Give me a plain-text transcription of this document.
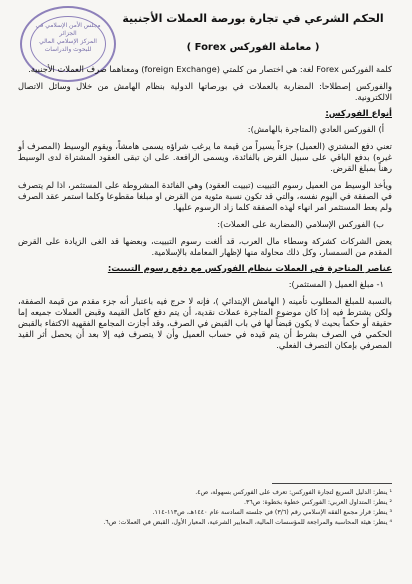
مجلس الأمن الإسلامي في الجزائر
المركز الإسلامي المالي
للبحوث والدراسات
الحكم الشرعي في تجارة بورصة العملات الأجنبية
( معاملة الفوركس Forex )

كلمة الفوركس Forex لغة: هي اختصار من كلمتي (foreign Exchange) ومعناهما صرف العملات الأجنبية.

والفوركس إصطلاحا: المضاربة بالعملات في بورصاتها الدولية بنظام الهامش من خلال وسائل الاتصال الالكترونية.

أنواع الفوركس:
أ) الفوركس العادي (المتاجرة بالهامش):

تعني دفع المشتري (العميل) جزءاً يسيراً من قيمة ما يرغب شراؤه يسمى هامشاً، ويقوم الوسيط (المصرف أو غيره) بدفع الباقي على سبيل القرض بالفائدة، ويسمى الرافعة. على ان تبقى العقود المشتراة لدى الوسيط رهناً بمبلغ القرض.

ويأخذ الوسيط من العميل رسوم التبييت (تبييت العقود) وهي الفائدة المشروطة على المستثمر، اذا لم يتصرف في الصفقة في اليوم نفسه، والتي قد تكون نسبة مئوية من القرض او مبلغا مقطوعا وكلما استمر عقد الصرف ولم يعط المستثمر امر انهاء لهذه الصفقة كلما زاد الرسوم عليها.

ب) الفوركس الإسلامي (المضاربة على العملات):

يعض الشركات كشركة وسطاء مال العرب، قد ألغت رسوم التبييت، وبعضها قد الغى الزيادة على القرض المقدم من السمسار، وكل ذلك محاولة منها لإظهار المعاملة بالإسلامية.

عناصر المتاجرة في العملات بنظام الفوركس مع دفع رسوم التبييت:
١- مبلغ العميل ( المستثمر):

بالنسبة للمبلغ المطلوب تأمينه ( الهامش الإبتدائي )، فإنه لا حرج فيه باعتبار أنه جزء مقدم من قيمة الصفقة، ولكن يشترط فيه إذا كان موضوع المتاجرة عملات نقدية، أن يتم دفع كامل القيمة وقبض العملات جميعه إما حقيقة أو حكماً بحيث لا يكون قبضاً لها في باب القبض في الصرف، وقد أجازت المجامع الفقهية الاكتفاء بالقبض الحكمي في الصرف بشرط أن يتم قيده في حساب العميل وأن لا يتصرف فيه إلا بعد أن يحصل أثر القيد المصرفي بإمكان التصرف الفعلي.

¹ ينظر: الدليل السريع لتجارة الفوركس: تعرف على الفوركس بسهولة، ص٤.
² ينظر: المتداول العربي: الفوركس خطوة بخطوة: ص٣٦.
³ ينظر: قرار مجمع الفقه الإسلامي رقم (٣/٦) في جلسته السادسة عام ١٤٤٠هـ، ص١١٣-١١٤.
⁴ ينظر: هيئة المحاسبة والمراجعة للمؤسسات المالية، المعايير الشرعية، المعيار الأول، القبض في العملات: ص٦.
